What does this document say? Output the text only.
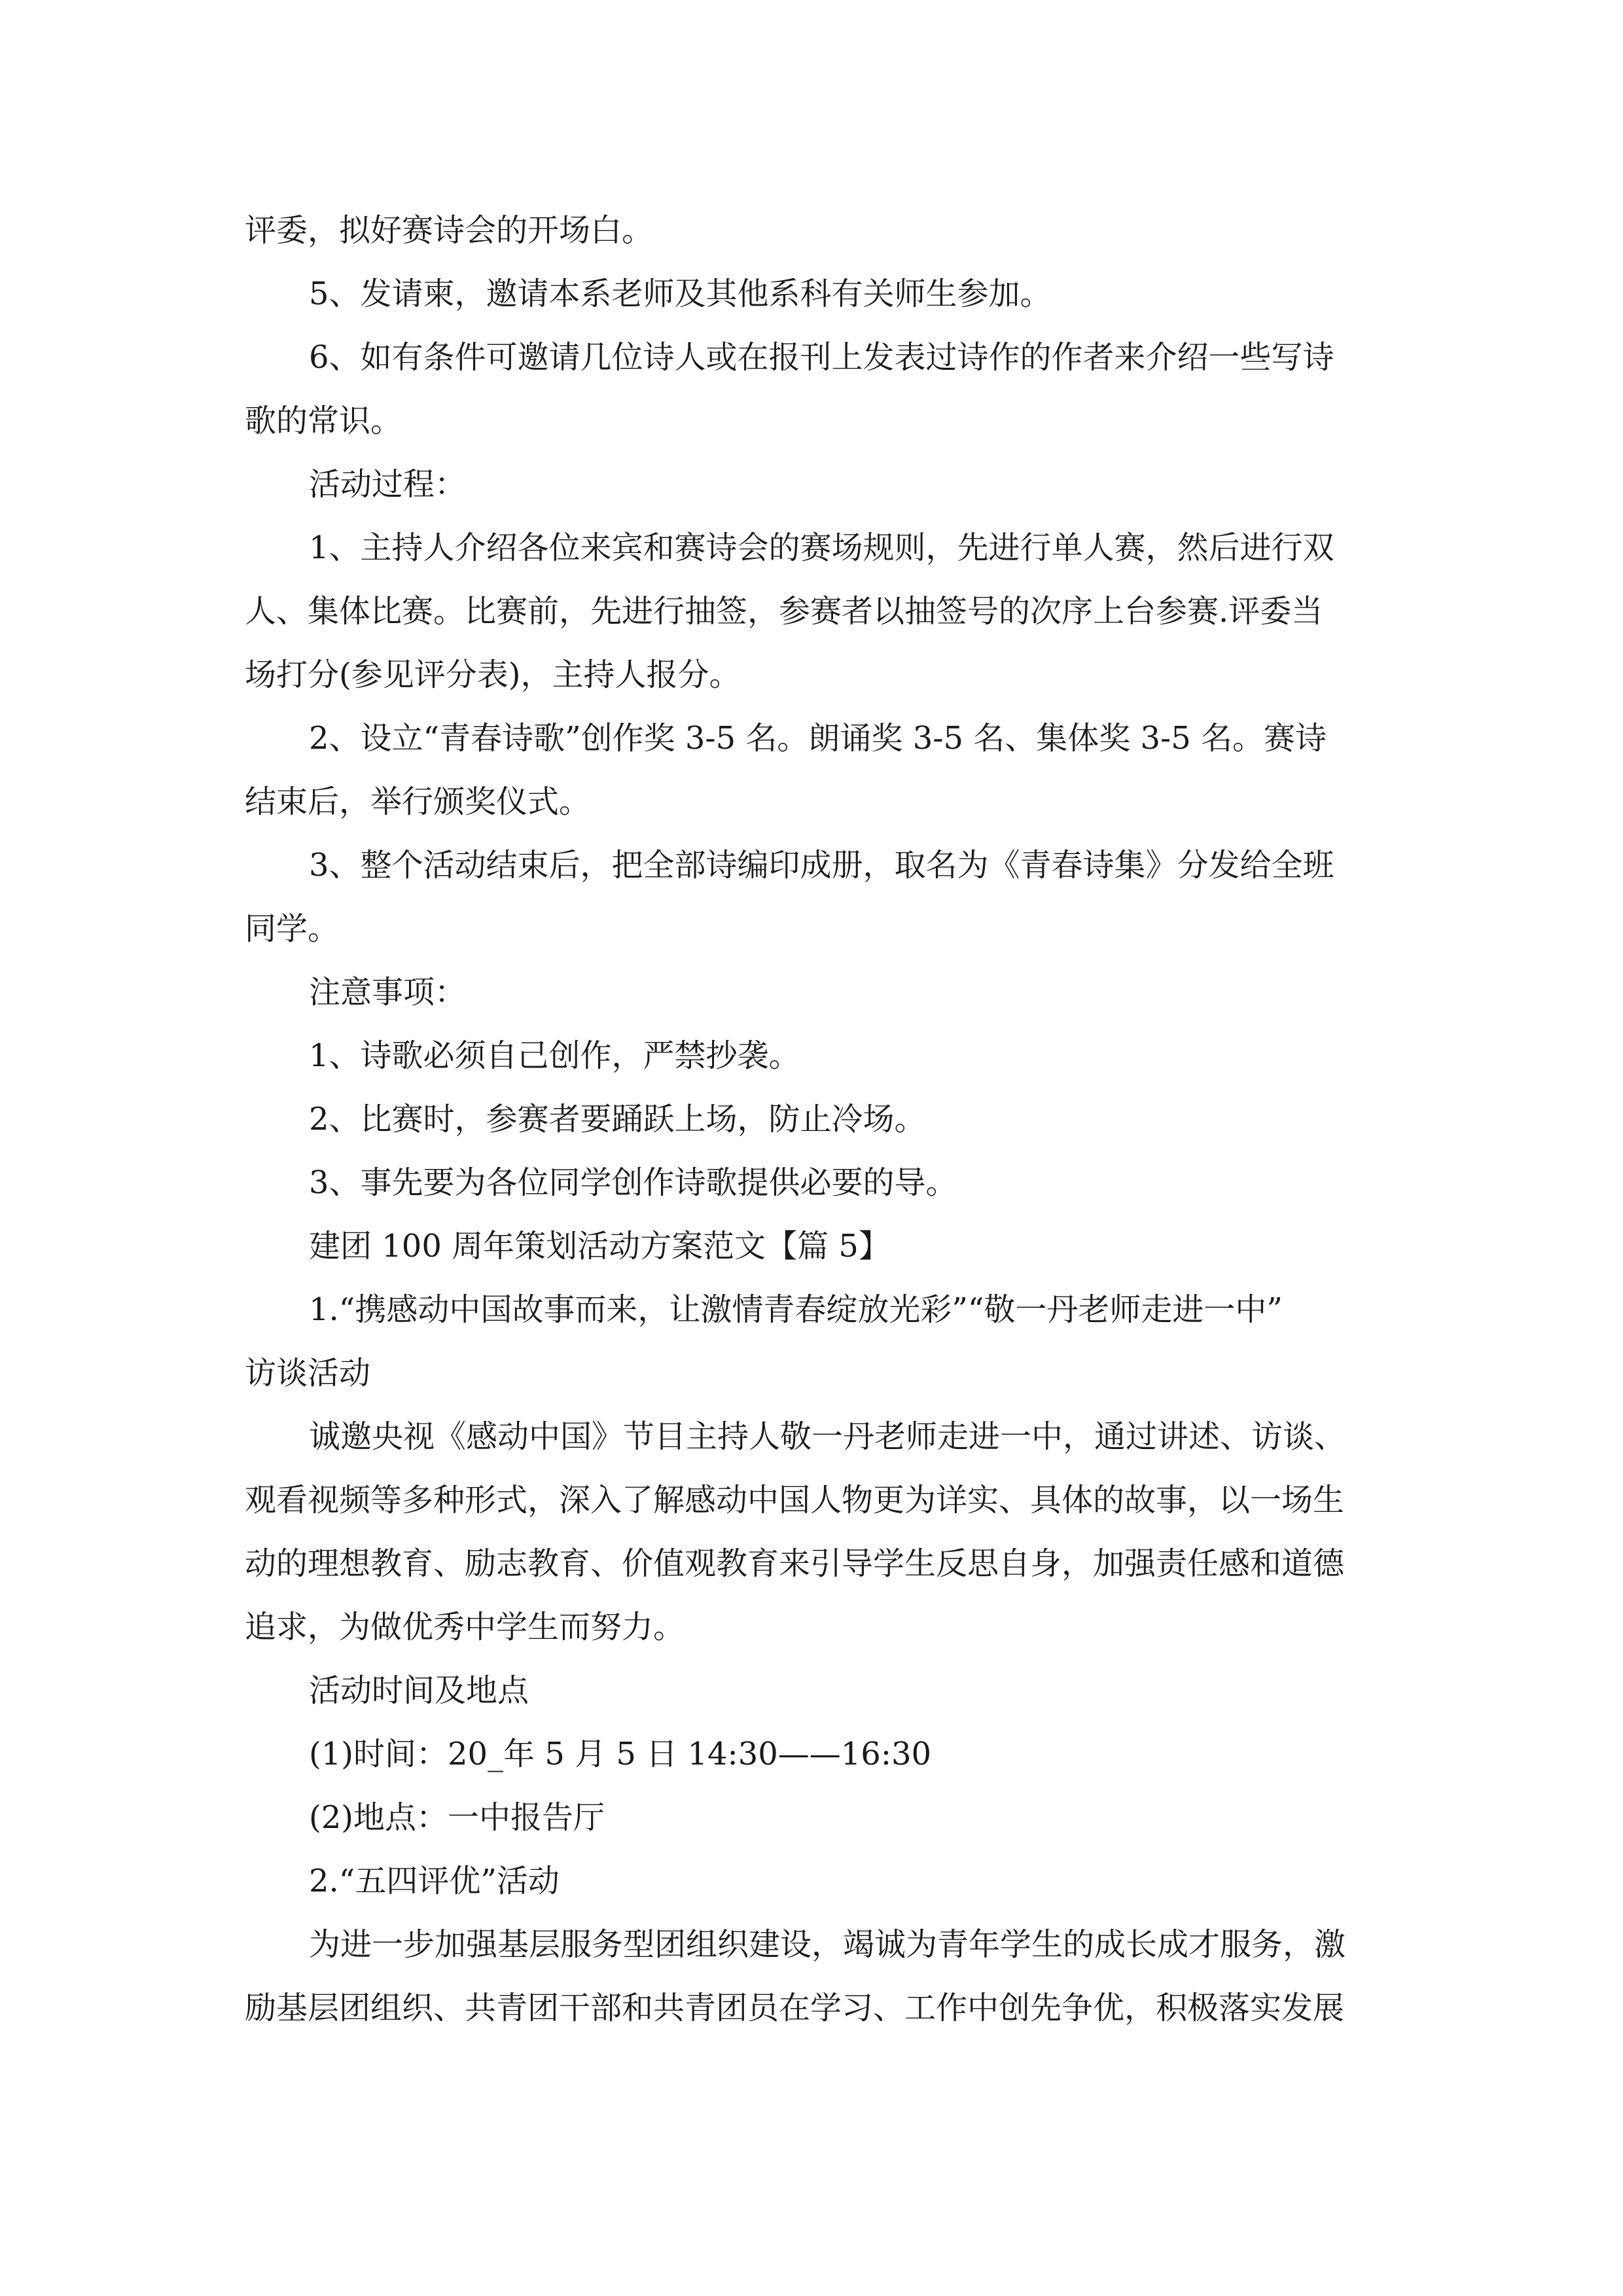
评委，拟好赛诗会的开场白。

5、发请柬，邀请本系老师及其他系科有关师生参加。

6、如有条件可邀请几位诗人或在报刊上发表过诗作的作者来介绍一些写诗

歌的常识。

活动过程：

1、主持人介绍各位来宾和赛诗会的赛场规则，先进行单人赛，然后进行双

人、集体比赛。比赛前，先进行抽签，参赛者以抽签号的次序上台参赛.评委当

场打分(参见评分表)，主持人报分。

2、设立“青春诗歌”创作奖 3-5 名。朗诵奖 3-5 名、集体奖 3-5 名。赛诗

结束后，举行颁奖仪式。

3、整个活动结束后，把全部诗编印成册，取名为《青春诗集》分发给全班

同学。

注意事项：

1、诗歌必须自己创作，严禁抄袭。

2、比赛时，参赛者要踊跃上场，防止冷场。

3、事先要为各位同学创作诗歌提供必要的导。

建团 100 周年策划活动方案范文【篇 5】

1.“携感动中国故事而来，让激情青春绽放光彩”“敬一丹老师走进一中”

访谈活动

诚邀央视《感动中国》节目主持人敬一丹老师走进一中，通过讲述、访谈、

观看视频等多种形式，深入了解感动中国人物更为详实、具体的故事，以一场生

动的理想教育、励志教育、价值观教育来引导学生反思自身，加强责任感和道德

追求，为做优秀中学生而努力。

活动时间及地点

(1)时间：20_年 5 月 5 日 14:30——16:30

(2)地点：一中报告厅

2.“五四评优”活动

为进一步加强基层服务型团组织建设，竭诚为青年学生的成长成才服务，激

励基层团组织、共青团干部和共青团员在学习、工作中创先争优，积极落实发展
